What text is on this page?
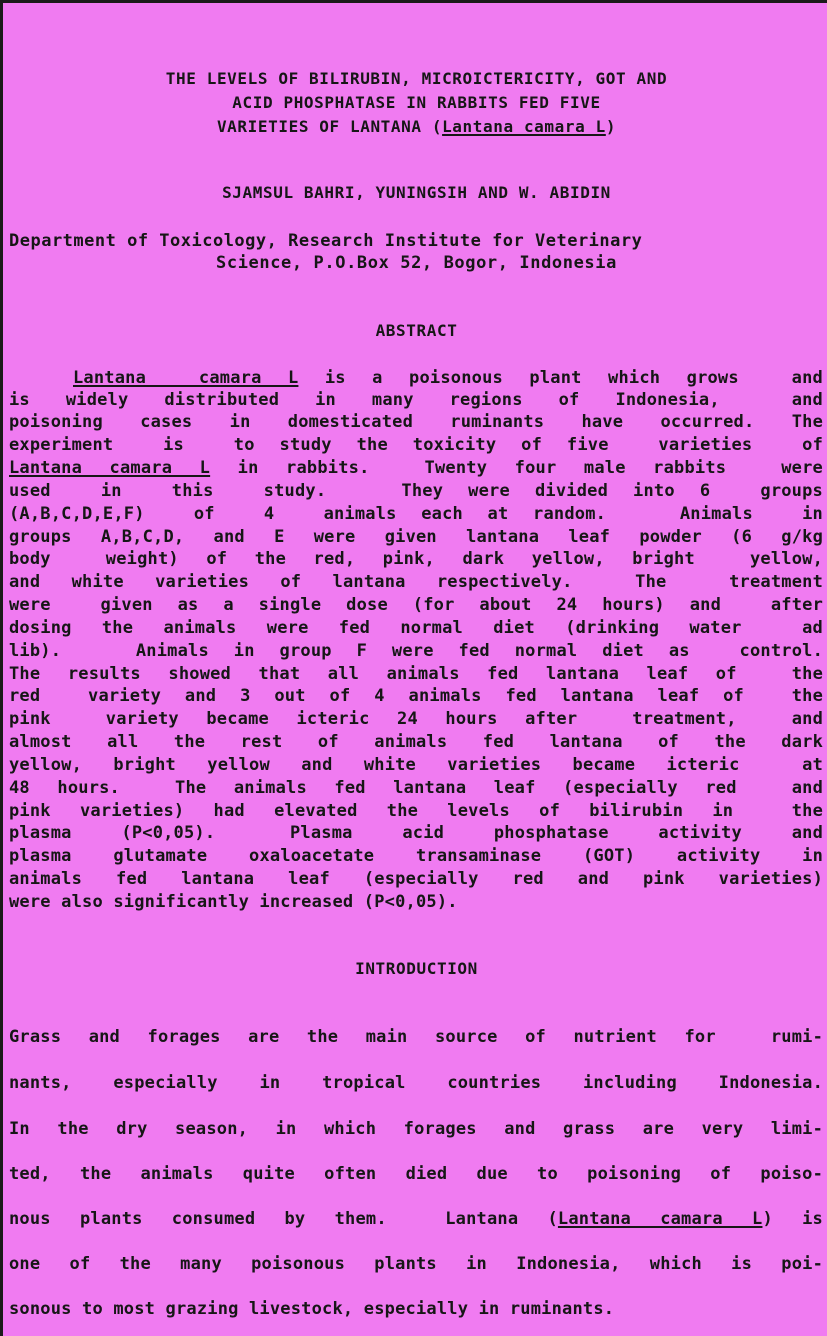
THE LEVELS OF BILIRUBIN, MICROICTERICITY, GOT AND
ACID PHOSPHATASE IN RABBITS FED FIVE
VARIETIES OF LANTANA (Lantana camara L)
SJAMSUL BAHRI, YUNINGSIH AND W. ABIDIN
Department of Toxicology, Research Institute for Veterinary
Science, P.O.Box 52, Bogor, Indonesia
ABSTRACT
Lantana  camara L is a poisonous plant which grows  and
is widely distributed in many regions of Indonesia,  and
poisoning cases in domesticated ruminants have occurred. The
experiment  is  to study the toxicity of five  varieties  of
Lantana camara L in rabbits.  Twenty four male rabbits  were
used  in  this  study.   They were divided into 6  groups
(A,B,C,D,E,F)  of  4  animals each at random.   Animals  in
groups A,B,C,D, and E were given lantana leaf powder (6 g/kg
body  weight) of the red, pink, dark yellow, bright  yellow,
and white varieties of lantana respectively.  The  treatment
were  given as a single dose (for about 24 hours) and  after
dosing the animals were fed normal diet (drinking water  ad
lib).   Animals in group F were fed normal diet as  control.
The results showed that all animals fed lantana leaf of  the
red  variety and 3 out of 4 animals fed lantana leaf of  the
pink  variety became icteric 24 hours after  treatment,  and
almost all the rest of animals fed lantana of the dark
yellow, bright yellow and white varieties became icteric  at
48 hours.  The animals fed lantana leaf (especially red  and
pink varieties) had elevated the levels of bilirubin in  the
plasma  (P<0,05).   Plasma  acid  phosphatase  activity  and
plasma glutamate oxaloacetate transaminase (GOT) activity in
animals fed lantana leaf (especially red and pink varieties)
were also significantly increased (P<0,05).
INTRODUCTION
Grass and forages are the main source of nutrient for  rumi-
nants, especially in tropical countries including Indonesia.
In the dry season, in which forages and grass are very limi-
ted, the animals quite often died due to poisoning of poiso-
nous plants consumed by them.  Lantana (Lantana camara L) is
one of the many poisonous plants in Indonesia, which is poi-
sonous to most grazing livestock, especially in ruminants.
